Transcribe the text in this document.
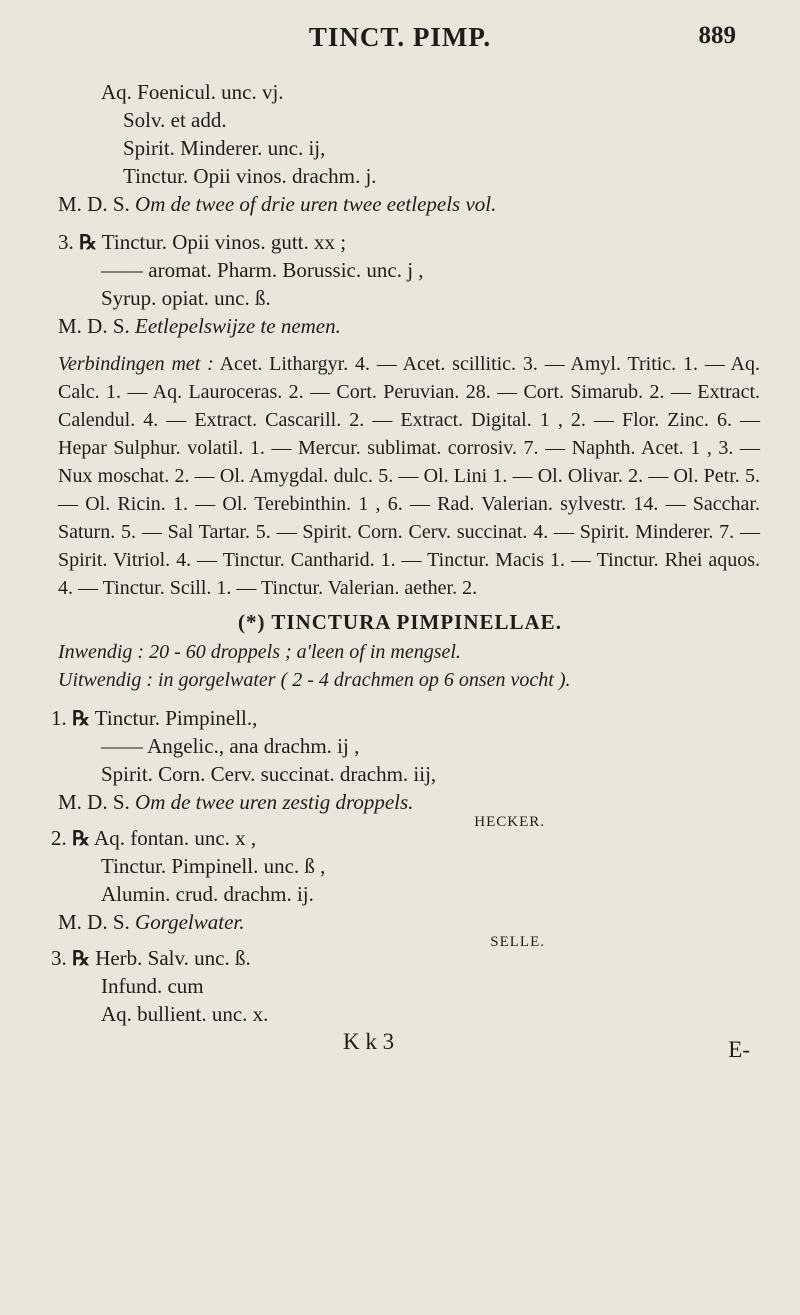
TINCT. PIMP.	889
Aq. Foenicul. unc. vj.
Solv. et add.
Spirit. Minderer. unc. ij,
Tinctur. Opii vinos. drachm. j.
M. D. S. Om de twee of drie uren twee eetlepels vol.
3. ℞ Tinctur. Opii vinos. gutt. xx ;
—— aromat. Pharm. Borussic. unc. j ,
Syrup. opiat. unc. ß.
M. D. S. Eetlepelswijze te nemen.
Verbindingen met : Acet. Lithargyr. 4. — Acet. scillitic. 3. — Amyl. Tritic. 1. — Aq. Calc. 1. — Aq. Lauroceras. 2. — Cort. Peruvian. 28. — Cort. Simarub. 2. — Extract. Calendul. 4. — Extract. Cascarill. 2. — Extract. Digital. 1 , 2. — Flor. Zinc. 6. — Hepar Sulphur. volatil. 1. — Mercur. sublimat. corrosiv. 7. — Naphth. Acet. 1 , 3. — Nux moschat. 2. — Ol. Amygdal. dulc. 5. — Ol. Lini 1. — Ol. Olivar. 2. — Ol. Petr. 5. — Ol. Ricin. 1. — Ol. Terebinthin. 1 , 6. — Rad. Valerian. sylvestr. 14. — Sacchar. Saturn. 5. — Sal Tartar. 5. — Spirit. Corn. Cerv. succinat. 4. — Spirit. Minderer. 7. — Spirit. Vitriol. 4. — Tinctur. Cantharid. 1. — Tinctur. Macis 1. — Tinctur. Rhei aquos. 4. — Tinctur. Scill. 1. — Tinctur. Valerian. aether. 2.
(*) TINCTURA PIMPINELLAE.
Inwendig : 20 - 60 droppels ; a'leen of in mengsel.
Uitwendig : in gorgelwater ( 2 - 4 drachmen op 6 onsen vocht ).
1. ℞ Tinctur. Pimpinell.,
—— Angelic., ana drachm. ij ,
Spirit. Corn. Cerv. succinat. drachm. iij,
M. D. S. Om de twee uren zestig droppels.
HECKER.
2. ℞ Aq. fontan. unc. x ,
Tinctur. Pimpinell. unc. ß ,
Alumin. crud. drachm. ij.
M. D. S. Gorgelwater.
SELLE.
3. ℞ Herb. Salv. unc. ß.
Infund. cum
Aq. bullient. unc. x.
K k 3	E-
